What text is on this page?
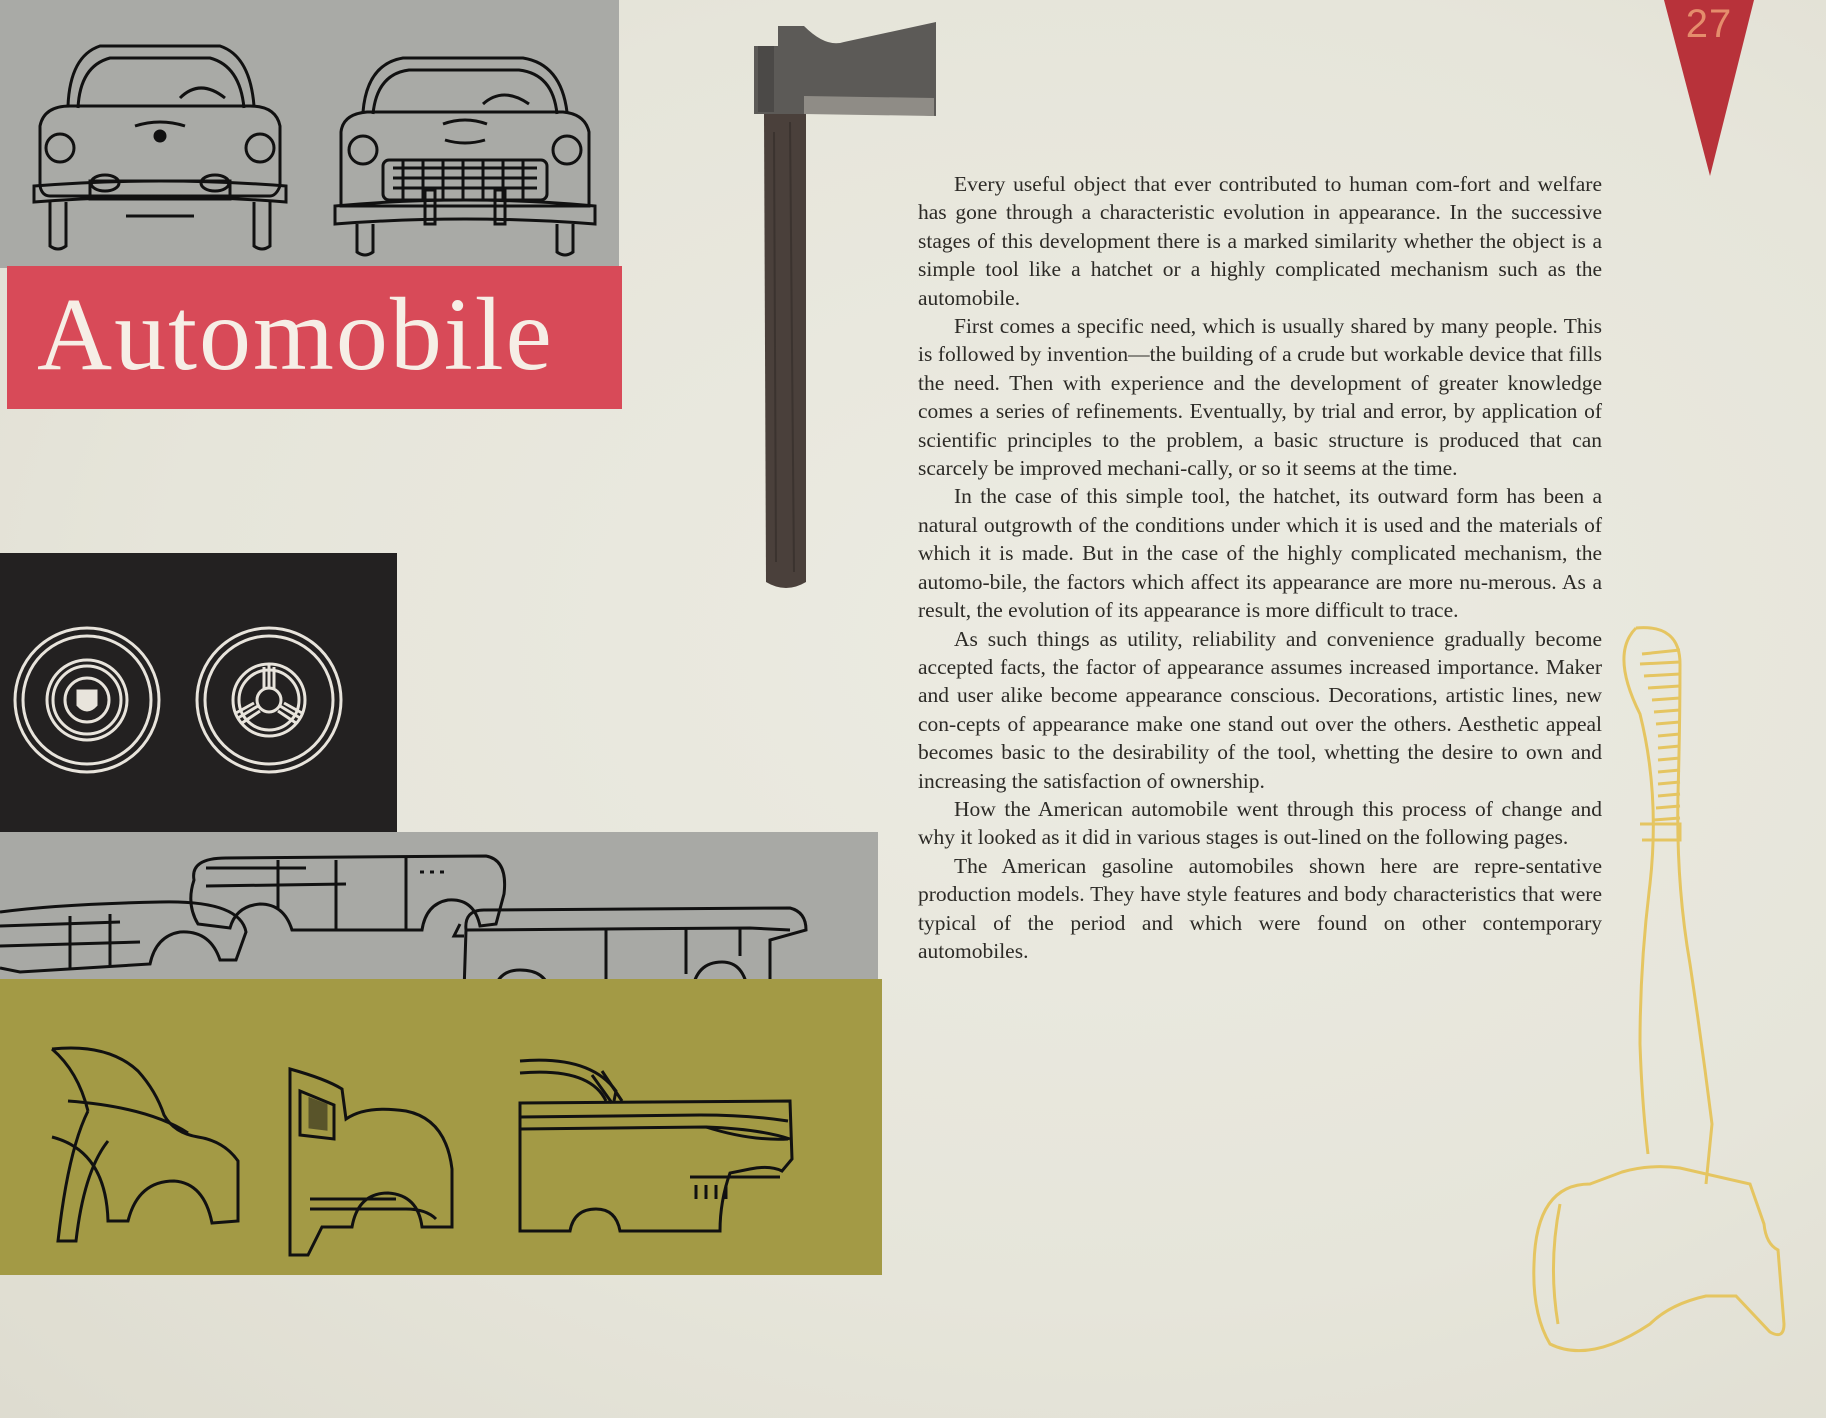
Automobile
27

Every useful object that ever contributed to human com-fort and welfare has gone through a characteristic evolution in appearance. In the successive stages of this development there is a marked similarity whether the object is a simple tool like a hatchet or a highly complicated mechanism such as the automobile.

First comes a specific need, which is usually shared by many people. This is followed by invention—the building of a crude but workable device that fills the need. Then with experience and the development of greater knowledge comes a series of refinements. Eventually, by trial and error, by application of scientific principles to the problem, a basic structure is produced that can scarcely be improved mechani-cally, or so it seems at the time.

In the case of this simple tool, the hatchet, its outward form has been a natural outgrowth of the conditions under which it is used and the materials of which it is made. But in the case of the highly complicated mechanism, the automo-bile, the factors which affect its appearance are more nu-merous. As a result, the evolution of its appearance is more difficult to trace.

As such things as utility, reliability and convenience gradually become accepted facts, the factor of appearance assumes increased importance. Maker and user alike become appearance conscious. Decorations, artistic lines, new con-cepts of appearance make one stand out over the others. Aesthetic appeal becomes basic to the desirability of the tool, whetting the desire to own and increasing the satisfaction of ownership.

How the American automobile went through this process of change and why it looked as it did in various stages is out-lined on the following pages.

The American gasoline automobiles shown here are repre-sentative production models. They have style features and body characteristics that were typical of the period and which were found on other contemporary automobiles.
